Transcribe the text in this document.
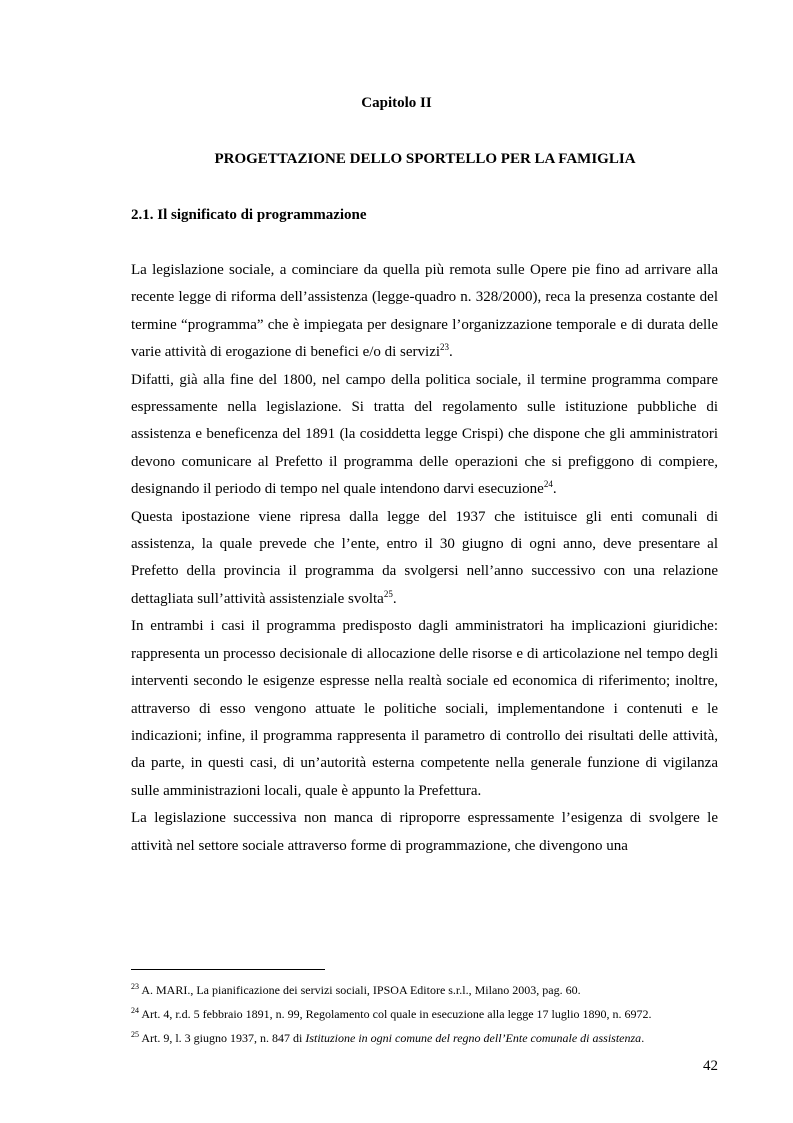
Capitolo II
PROGETTAZIONE DELLO SPORTELLO PER LA FAMIGLIA
2.1. Il significato di programmazione

La legislazione sociale, a cominciare da quella più remota sulle Opere pie fino ad arrivare alla recente legge di riforma dell’assistenza (legge-quadro n. 328/2000), reca la presenza costante del termine “programma” che è impiegata per designare l’organizzazione temporale e di durata delle varie attività di erogazione di benefici e/o di servizi$^{23}$.

Difatti, già alla fine del 1800, nel campo della politica sociale, il termine programma compare espressamente nella legislazione. Si tratta del regolamento sulle istituzione pubbliche di assistenza e beneficenza del 1891 (la cosiddetta legge Crispi) che dispone che gli amministratori devono comunicare al Prefetto il programma delle operazioni che si prefiggono di compiere, designando il periodo di tempo nel quale intendono darvi esecuzione$^{24}$.

Questa ipostazione viene ripresa dalla legge del 1937 che istituisce gli enti comunali di assistenza, la quale prevede che l’ente, entro il 30 giugno di ogni anno, deve presentare al Prefetto della provincia il programma da svolgersi nell’anno successivo con una relazione dettagliata sull’attività assistenziale svolta$^{25}$.

In entrambi i casi il programma predisposto dagli amministratori ha implicazioni giuridiche: rappresenta un processo decisionale di allocazione delle risorse e di articolazione nel tempo degli interventi secondo le esigenze espresse nella realtà sociale ed economica di riferimento; inoltre, attraverso di esso vengono attuate le politiche sociali, implementandone i contenuti e le indicazioni; infine, il programma rappresenta il parametro di controllo dei risultati delle attività, da parte, in questi casi, di un’autorità esterna competente nella generale funzione di vigilanza sulle amministrazioni locali, quale è appunto la Prefettura.

La legislazione successiva non manca di riproporre espressamente l’esigenza di svolgere le attività nel settore sociale attraverso forme di programmazione, che divengono una

$^{23}$ A. MARI., La pianificazione dei servizi sociali, IPSOA Editore s.r.l., Milano 2003, pag. 60.
$^{24}$ Art. 4, r.d. 5 febbraio 1891, n. 99, Regolamento col quale in esecuzione alla legge 17 luglio 1890, n. 6972.
$^{25}$ Art. 9, l. 3 giugno 1937, n. 847 di Istituzione in ogni comune del regno dell’Ente comunale di assistenza.
42
